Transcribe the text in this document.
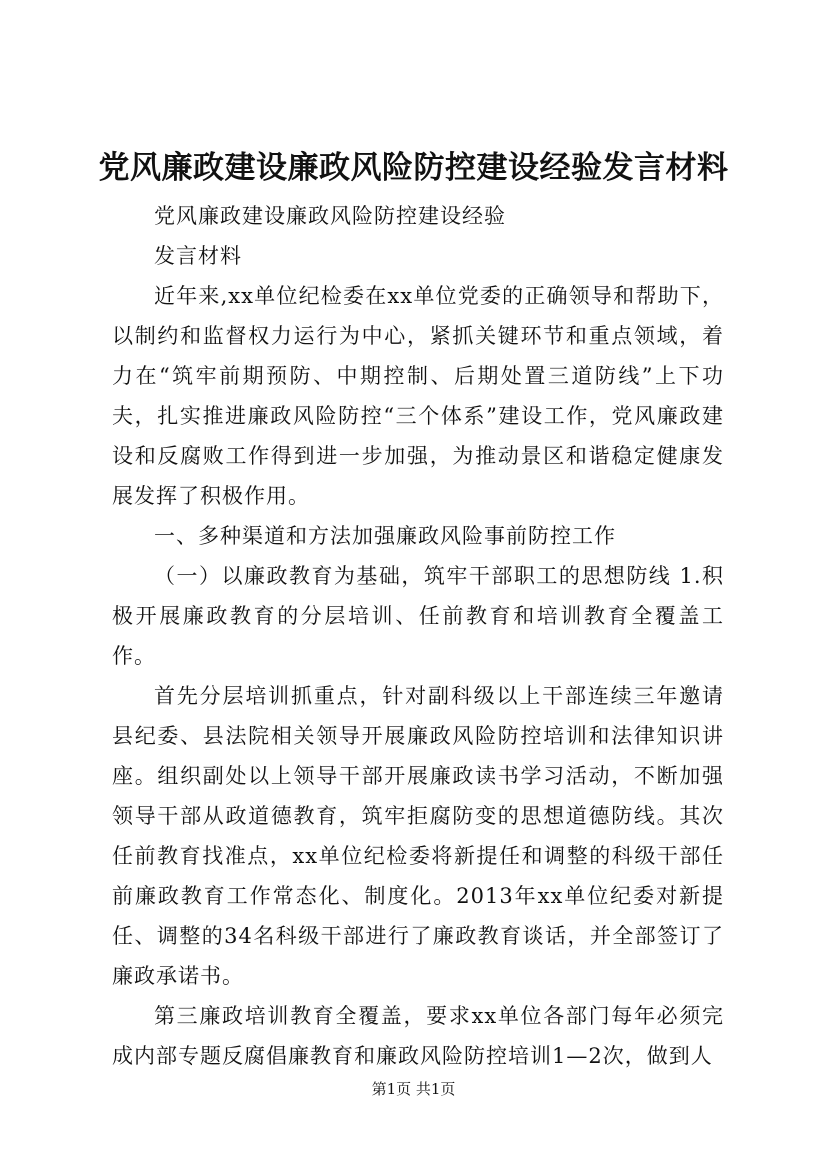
党风廉政建设廉政风险防控建设经验发言材料

党风廉政建设廉政风险防控建设经验

发言材料

近年来,xx单位纪检委在xx单位党委的正确领导和帮助下，以制约和监督权力运行为中心，紧抓关键环节和重点领域，着力在“筑牢前期预防、中期控制、后期处置三道防线”上下功夫，扎实推进廉政风险防控“三个体系”建设工作，党风廉政建设和反腐败工作得到进一步加强，为推动景区和谐稳定健康发展发挥了积极作用。

一、多种渠道和方法加强廉政风险事前防控工作

（一）以廉政教育为基础，筑牢干部职工的思想防线 1.积极开展廉政教育的分层培训、任前教育和培训教育全覆盖工作。

首先分层培训抓重点，针对副科级以上干部连续三年邀请县纪委、县法院相关领导开展廉政风险防控培训和法律知识讲座。组织副处以上领导干部开展廉政读书学习活动，不断加强领导干部从政道德教育，筑牢拒腐防变的思想道德防线。其次任前教育找准点，xx单位纪检委将新提任和调整的科级干部任前廉政教育工作常态化、制度化。2013年xx单位纪委对新提任、调整的34名科级干部进行了廉政教育谈话，并全部签订了廉政承诺书。

第三廉政培训教育全覆盖，要求xx单位各部门每年必须完成内部专题反腐倡廉教育和廉政风险防控培训1—2次，做到人

第1页 共1页
